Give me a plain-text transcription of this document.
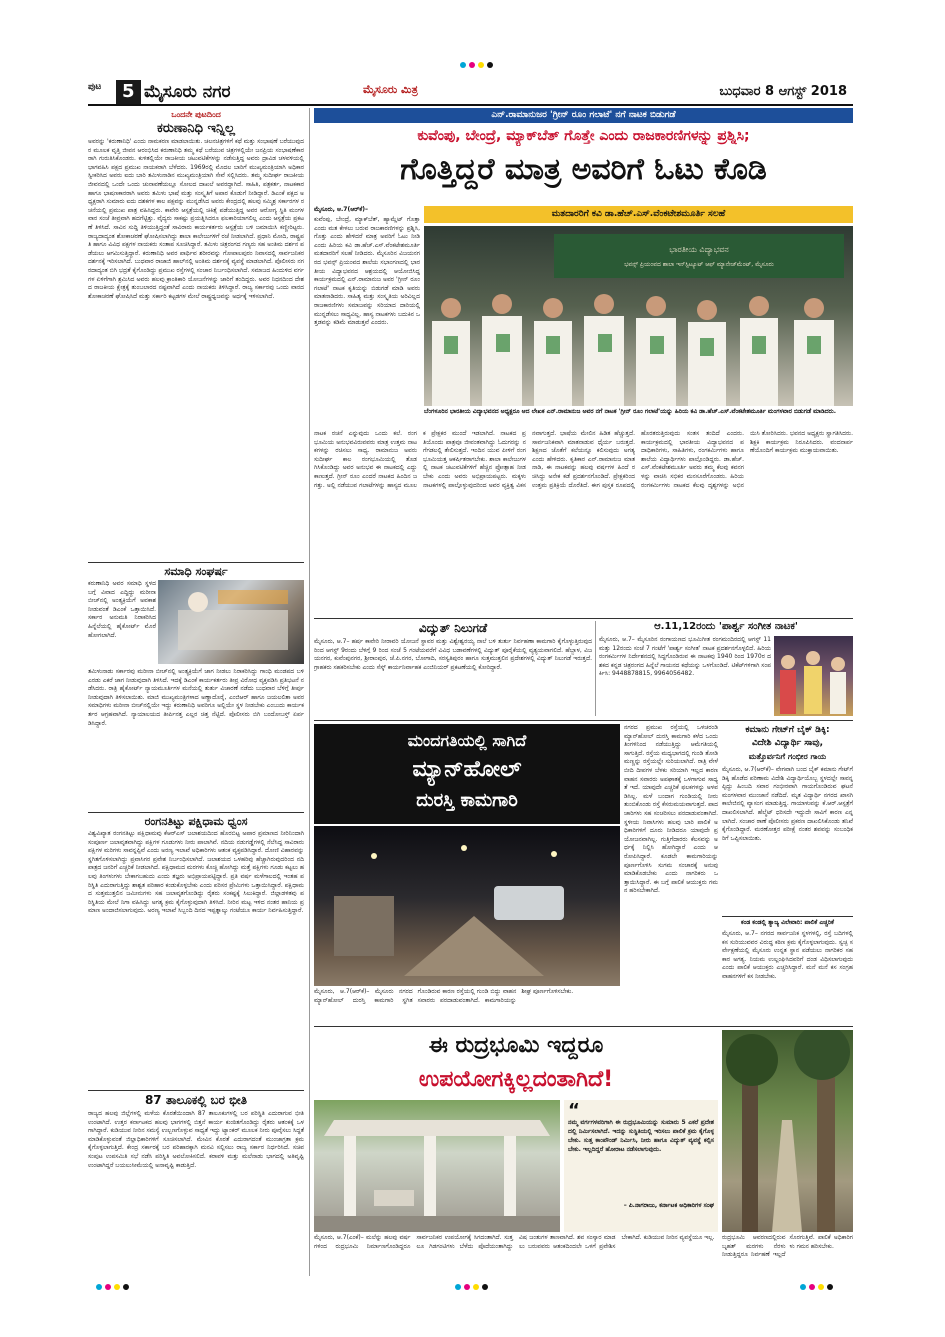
ಪುಟ	5 ಮೈಸೂರು ನಗರ	ಮೈಸೂರು ಮಿತ್ರ	ಬುಧವಾರ 8 ಆಗಸ್ಟ್ 2018
ಒಂದನೇ ಪುಟದಿಂದ
ಕರುಣಾನಿಧಿ ಇನ್ನಿಲ್ಲ
ಅವರನ್ನು 'ಕರುಣಾನಿಧಿ' ಎಂದು ನಾಮಕರಣ ಮಾಡಲಾಯಿತು. ಚಲನಚಿತ್ರಗಳಿಗೆ ಕಥೆ ಮತ್ತು ಸಂಭಾಷಣೆ ಬರೆಯುವುದರ ಮೂಲಕ ವೃತ್ತಿ ಜೀವನ ಆರಂಭಿಸಿದ ಕರುಣಾನಿಧಿ ತಮ್ಮ ಕಥೆ ಬರೆಯುವ ಚಿತ್ರಗಳಲ್ಲಿಯೇ ಜನಪ್ರಿಯ ಸಂಭಾಷಣೆಕಾರರಾಗಿ ಗುರುತಿಸಿಕೊಂಡರು. ಕುಳಿತಲ್ಲಿಯೇ ರಾಜಕೀಯ ಚಟುವಟಿಕೆಗಳನ್ನು ನಡೆಸುತ್ತಿದ್ದ ಅವರು ದ್ರಾವಿಡ ಚಳವಳಿಯಲ್ಲಿ ಭಾಗವಹಿಸಿ ಪಕ್ಷದ ಪ್ರಮುಖ ನಾಯಕರಾಗಿ ಬೆಳೆದರು. 1969ರಲ್ಲಿ ಮೊದಲ ಬಾರಿಗೆ ಮುಖ್ಯಮಂತ್ರಿಯಾಗಿ ಅಧಿಕಾರ ಸ್ವೀಕರಿಸಿದ ಅವರು ಐದು ಬಾರಿ ತಮಿಳುನಾಡಿನ ಮುಖ್ಯಮಂತ್ರಿಯಾಗಿ ಸೇವೆ ಸಲ್ಲಿಸಿದರು. ತಮ್ಮ ಸುದೀರ್ಘ ರಾಜಕೀಯ ಜೀವನದಲ್ಲಿ ಒಂದೇ ಒಂದು ಚುನಾವಣೆಯಲ್ಲೂ ಸೋಲದ ದಾಖಲೆ ಅವರದ್ದಾಗಿದೆ. ಸಾಹಿತಿ, ಪತ್ರಕರ್ತ, ನಾಟಕಕಾರ ಹಾಗೂ ಭಾಷಣಕಾರರಾಗಿ ಅವರು ತಮಿಳು ಭಾಷೆ ಮತ್ತು ಸಂಸ್ಕೃತಿಗೆ ಅಪಾರ ಕೊಡುಗೆ ನೀಡಿದ್ದಾರೆ. ಡಿಎಂಕೆ ಪಕ್ಷದ ಅಧ್ಯಕ್ಷರಾಗಿ ಸುಮಾರು ಐದು ದಶಕಗಳ ಕಾಲ ಪಕ್ಷವನ್ನು ಮುನ್ನಡೆಸಿದ ಅವರು ಕೇಂದ್ರದಲ್ಲಿ ಹಲವು ಸಮ್ಮಿಶ್ರ ಸರ್ಕಾರಗಳ ರಚನೆಯಲ್ಲಿ ಪ್ರಮುಖ ಪಾತ್ರ ವಹಿಸಿದ್ದರು. ಕಾವೇರಿ ಆಸ್ಪತ್ರೆಯಲ್ಲಿ ಚಿಕಿತ್ಸೆ ಪಡೆಯುತ್ತಿದ್ದ ಅವರ ಆರೋಗ್ಯ ಸ್ಥಿತಿ ಮಂಗಳವಾರ ಸಂಜೆ ತೀವ್ರವಾಗಿ ಹದಗೆಟ್ಟಿತ್ತು. ವೈದ್ಯರು ಸಾಕಷ್ಟು ಪ್ರಯತ್ನಿಸಿದರೂ ಫಲಕಾರಿಯಾಗಲಿಲ್ಲ ಎಂದು ಆಸ್ಪತ್ರೆಯ ಪ್ರಕಟಣೆ ತಿಳಿಸಿದೆ. ಸಾವಿನ ಸುದ್ದಿ ತಿಳಿಯುತ್ತಿದ್ದಂತೆ ಸಾವಿರಾರು ಕಾರ್ಯಕರ್ತರು ಆಸ್ಪತ್ರೆಯ ಬಳಿ ಜಮಾಯಿಸಿ ಕಣ್ಣೀರಿಟ್ಟರು. ರಾಜ್ಯದಾದ್ಯಂತ ಶೋಕಾಚರಣೆ ಘೋಷಿಸಲಾಗಿದ್ದು ಶಾಲಾ ಕಾಲೇಜುಗಳಿಗೆ ರಜೆ ನೀಡಲಾಗಿದೆ. ಪ್ರಧಾನಿ ಮೋದಿ, ರಾಷ್ಟ್ರಪತಿ ಹಾಗೂ ವಿವಿಧ ಪಕ್ಷಗಳ ನಾಯಕರು ಸಂತಾಪ ಸೂಚಿಸಿದ್ದಾರೆ. ತಮಿಳು ಚಿತ್ರರಂಗದ ಗಣ್ಯರು ಸಹ ಅಂತಿಮ ದರ್ಶನ ಪಡೆಯಲು ಆಗಮಿಸುತ್ತಿದ್ದಾರೆ. ಕರುಣಾನಿಧಿ ಅವರ ಪಾರ್ಥಿವ ಶರೀರವನ್ನು ಗೋಪಾಲಪುರಂ ನಿವಾಸದಲ್ಲಿ ಸಾರ್ವಜನಿಕರ ದರ್ಶನಕ್ಕೆ ಇರಿಸಲಾಗಿದೆ. ಬುಧವಾರ ರಾಜಾಜಿ ಹಾಲ್‌ನಲ್ಲಿ ಅಂತಿಮ ದರ್ಶನಕ್ಕೆ ವ್ಯವಸ್ಥೆ ಮಾಡಲಾಗಿದೆ. ಪೊಲೀಸರು ನಗರದಾದ್ಯಂತ ಬಿಗಿ ಭದ್ರತೆ ಕೈಗೊಂಡಿದ್ದು ಪ್ರಮುಖ ರಸ್ತೆಗಳಲ್ಲಿ ಸಂಚಾರ ನಿರ್ಬಂಧಿಸಲಾಗಿದೆ. ಸಮಾಜದ ಹಿಂದುಳಿದ ವರ್ಗಗಳ ಏಳಿಗೆಗಾಗಿ ಶ್ರಮಿಸಿದ ಅವರು ಹಲವು ಕ್ರಾಂತಿಕಾರಿ ಯೋಜನೆಗಳನ್ನು ಜಾರಿಗೆ ತಂದಿದ್ದರು. ಅವರ ನಿಧನದಿಂದ ದೇಶದ ರಾಜಕೀಯ ಕ್ಷೇತ್ರಕ್ಕೆ ತುಂಬಲಾರದ ನಷ್ಟವಾಗಿದೆ ಎಂದು ನಾಯಕರು ತಿಳಿಸಿದ್ದಾರೆ. ರಾಜ್ಯ ಸರ್ಕಾರವು ಒಂದು ವಾರದ ಶೋಕಾಚರಣೆ ಘೋಷಿಸಿದೆ ಮತ್ತು ಸರ್ಕಾರಿ ಕಟ್ಟಡಗಳ ಮೇಲೆ ರಾಷ್ಟ್ರಧ್ವಜವನ್ನು ಅರ್ಧಕ್ಕೆ ಇಳಿಸಲಾಗಿದೆ.
ಸಮಾಧಿ ಸಂಘರ್ಷ
ಕರುಣಾನಿಧಿ ಅವರ ಸಮಾಧಿ ಸ್ಥಳದ ಬಗ್ಗೆ ವಿವಾದ ಎದ್ದಿದ್ದು ಮರೀನಾ ಬೀಚ್‌ನಲ್ಲಿ ಅಂತ್ಯಕ್ರಿಯೆಗೆ ಅವಕಾಶ ನೀಡುವಂತೆ ಡಿಎಂಕೆ ಒತ್ತಾಯಿಸಿದೆ. ಸರ್ಕಾರ ಅನುಮತಿ ನಿರಾಕರಿಸಿದ ಹಿನ್ನೆಲೆಯಲ್ಲಿ ಹೈಕೋರ್ಟ್ ಮೊರೆ ಹೋಗಲಾಗಿದೆ.
ತಮಿಳುನಾಡು ಸರ್ಕಾರವು ಮರೀನಾ ಬೀಚ್‌ನಲ್ಲಿ ಅಂತ್ಯಕ್ರಿಯೆಗೆ ಜಾಗ ನೀಡಲು ನಿರಾಕರಿಸಿದ್ದು ಗಾಂಧಿ ಮಂಡಪದ ಬಳಿ ಎರಡು ಎಕರೆ ಜಾಗ ನೀಡುವುದಾಗಿ ತಿಳಿಸಿದೆ. ಇದಕ್ಕೆ ಡಿಎಂಕೆ ಕಾರ್ಯಕರ್ತರು ತೀವ್ರ ವಿರೋಧ ವ್ಯಕ್ತಪಡಿಸಿ ಪ್ರತಿಭಟನೆ ನಡೆಸಿದರು. ರಾತ್ರಿ ಹೈಕೋರ್ಟ್ ನ್ಯಾಯಮೂರ್ತಿಗಳ ಮನೆಯಲ್ಲಿ ತುರ್ತು ವಿಚಾರಣೆ ನಡೆದು ಬುಧವಾರ ಬೆಳಿಗ್ಗೆ ತೀರ್ಪು ನೀಡುವುದಾಗಿ ತಿಳಿಸಲಾಯಿತು. ಮಾಜಿ ಮುಖ್ಯಮಂತ್ರಿಗಳಾದ ಅಣ್ಣಾದೊರೈ, ಎಂಜಿಆರ್ ಹಾಗೂ ಜಯಲಲಿತಾ ಅವರ ಸಮಾಧಿಗಳು ಮರೀನಾ ಬೀಚ್‌ನಲ್ಲಿಯೇ ಇದ್ದು ಕರುಣಾನಿಧಿ ಅವರಿಗೂ ಅಲ್ಲಿಯೇ ಸ್ಥಳ ನೀಡಬೇಕು ಎಂಬುದು ಕಾರ್ಯಕರ್ತರ ಆಗ್ರಹವಾಗಿದೆ. ನ್ಯಾಯಾಲಯದ ತೀರ್ಪಿನತ್ತ ಎಲ್ಲರ ಚಿತ್ತ ನೆಟ್ಟಿದೆ. ಪೊಲೀಸರು ಬಿಗಿ ಬಂದೋಬಸ್ತ್ ಏರ್ಪಡಿಸಿದ್ದಾರೆ.
ರಂಗನತಿಟ್ಟು ಪಕ್ಷಿಧಾಮ ಧ್ವಂಸ
ವಿಶ್ವವಿಖ್ಯಾತ ರಂಗನತಿಟ್ಟು ಪಕ್ಷಿಧಾಮವು ಕೆಆರ್‌ಎಸ್ ಜಲಾಶಯದಿಂದ ಹೊರಬಿಟ್ಟ ಅಪಾರ ಪ್ರಮಾಣದ ನೀರಿನಿಂದಾಗಿ ಸಂಪೂರ್ಣ ಜಲಾವೃತವಾಗಿದ್ದು ಪಕ್ಷಿಗಳ ಗೂಡುಗಳು ನೀರು ಪಾಲಾಗಿವೆ. ನದಿಯ ನಡುಗಡ್ಡೆಗಳಲ್ಲಿ ನೆಲೆಸಿದ್ದ ಸಾವಿರಾರು ಪಕ್ಷಿಗಳ ಮರಿಗಳು ಸಾವನ್ನಪ್ಪಿವೆ ಎಂದು ಅರಣ್ಯ ಇಲಾಖೆ ಅಧಿಕಾರಿಗಳು ಆತಂಕ ವ್ಯಕ್ತಪಡಿಸಿದ್ದಾರೆ. ದೋಣಿ ವಿಹಾರವನ್ನು ಸ್ಥಗಿತಗೊಳಿಸಲಾಗಿದ್ದು ಪ್ರವಾಸಿಗರ ಪ್ರವೇಶ ನಿರ್ಬಂಧಿಸಲಾಗಿದೆ. ಜಲಾಶಯದ ಒಳಹರಿವು ಹೆಚ್ಚಾಗಿರುವುದರಿಂದ ನದಿ ಪಾತ್ರದ ಜನರಿಗೆ ಎಚ್ಚರಿಕೆ ನೀಡಲಾಗಿದೆ. ಪಕ್ಷಿಧಾಮದ ಮರಗಳು ಕೊಚ್ಚಿ ಹೋಗಿದ್ದು ಮತ್ತೆ ಪಕ್ಷಿಗಳು ಗೂಡು ಕಟ್ಟಲು ಹಲವು ತಿಂಗಳುಗಳು ಬೇಕಾಗಬಹುದು ಎಂದು ತಜ್ಞರು ಅಭಿಪ್ರಾಯಪಟ್ಟಿದ್ದಾರೆ. ಪ್ರತಿ ವರ್ಷ ಮಳೆಗಾಲದಲ್ಲಿ ಇಂತಹ ಪರಿಸ್ಥಿತಿ ಎದುರಾಗುತ್ತಿದ್ದು ಶಾಶ್ವತ ಪರಿಹಾರ ಕಂಡುಕೊಳ್ಳಬೇಕು ಎಂದು ಪರಿಸರ ಪ್ರೇಮಿಗಳು ಒತ್ತಾಯಿಸಿದ್ದಾರೆ. ಪಕ್ಷಿಧಾಮದ ಸುತ್ತಮುತ್ತಲಿನ ಜಮೀನುಗಳು ಸಹ ಜಲಾವೃತಗೊಂಡಿದ್ದು ರೈತರು ಸಂಕಷ್ಟಕ್ಕೆ ಸಿಲುಕಿದ್ದಾರೆ. ಜಿಲ್ಲಾಡಳಿತವು ಪರಿಸ್ಥಿತಿಯ ಮೇಲೆ ನಿಗಾ ವಹಿಸಿದ್ದು ಅಗತ್ಯ ಕ್ರಮ ಕೈಗೊಳ್ಳುವುದಾಗಿ ತಿಳಿಸಿದೆ. ನೀರಿನ ಮಟ್ಟ ಇಳಿದ ನಂತರ ಹಾನಿಯ ಪ್ರಮಾಣ ಅಂದಾಜಿಸಲಾಗುವುದು. ಅರಣ್ಯ ಇಲಾಖೆ ಸಿಬ್ಬಂದಿ ದಿನದ ಇಪ್ಪತ್ನಾಲ್ಕು ಗಂಟೆಯೂ ಕಾರ್ಯ ನಿರ್ವಹಿಸುತ್ತಿದ್ದಾರೆ.
87 ತಾಲೂಕಲ್ಲಿ ಬರ ಭೀತಿ
ರಾಜ್ಯದ ಹಲವು ಜಿಲ್ಲೆಗಳಲ್ಲಿ ಮಳೆಯ ಕೊರತೆಯಿಂದಾಗಿ 87 ತಾಲೂಕುಗಳಲ್ಲಿ ಬರ ಪರಿಸ್ಥಿತಿ ಎದುರಾಗುವ ಭೀತಿ ಉಂಟಾಗಿದೆ. ಉತ್ತರ ಕರ್ನಾಟಕದ ಹಲವು ಭಾಗಗಳಲ್ಲಿ ಬಿತ್ತನೆ ಕಾರ್ಯ ಕುಂಠಿತಗೊಂಡಿದ್ದು ರೈತರು ಆತಂಕಕ್ಕೆ ಒಳಗಾಗಿದ್ದಾರೆ. ಕುಡಿಯುವ ನೀರಿನ ಸಮಸ್ಯೆ ಉಲ್ಬಣಗೊಳ್ಳುವ ಸಾಧ್ಯತೆ ಇದ್ದು ಟ್ಯಾಂಕರ್ ಮೂಲಕ ನೀರು ಪೂರೈಸಲು ಸಿದ್ಧತೆ ಮಾಡಿಕೊಳ್ಳುವಂತೆ ಜಿಲ್ಲಾಧಿಕಾರಿಗಳಿಗೆ ಸೂಚಿಸಲಾಗಿದೆ. ಮೇವಿನ ಕೊರತೆ ಎದುರಾಗದಂತೆ ಮುಂಜಾಗ್ರತಾ ಕ್ರಮ ಕೈಗೊಳ್ಳಲಾಗುತ್ತಿದೆ. ಕೇಂದ್ರ ಸರ್ಕಾರಕ್ಕೆ ಬರ ಪರಿಹಾರಕ್ಕಾಗಿ ಮನವಿ ಸಲ್ಲಿಸಲು ರಾಜ್ಯ ಸರ್ಕಾರ ನಿರ್ಧರಿಸಿದೆ. ಸಚಿವ ಸಂಪುಟ ಉಪಸಮಿತಿ ಸಭೆ ನಡೆಸಿ ಪರಿಸ್ಥಿತಿ ಅವಲೋಕಿಸಲಿದೆ. ಕರಾವಳಿ ಮತ್ತು ಮಲೆನಾಡು ಭಾಗದಲ್ಲಿ ಅತಿವೃಷ್ಟಿ ಉಂಟಾಗಿದ್ದರೆ ಬಯಲುಸೀಮೆಯಲ್ಲಿ ಅನಾವೃಷ್ಟಿ ಕಾಡುತ್ತಿದೆ.
ಎನ್.ರಾಮಾನುಜರ 'ಗ್ರೀನ್ ರೂಂ ಗಲಾಟೆ' ನಗೆ ನಾಟಕ ಬಿಡುಗಡೆ
ಕುವೆಂಪು, ಬೇಂದ್ರೆ, ಮ್ಯಾಕ್‌ಬೆತ್ ಗೊತ್ತೇ ಎಂದು ರಾಜಕಾರಣಿಗಳನ್ನು ಪ್ರಶ್ನಿಸಿ;
ಗೊತ್ತಿದ್ದರೆ ಮಾತ್ರ ಅವರಿಗೆ ಓಟು ಕೊಡಿ
ಮತದಾರರಿಗೆ ಕವಿ ಡಾ.ಹೆಚ್.ಎಸ್.ವೆಂಕಟೇಶಮೂರ್ತಿ ಸಲಹೆ
ಮೈಸೂರು, ಆ.7(ಆರ್‌ಕೆ)–
ಕುವೆಂಪು, ಬೇಂದ್ರೆ, ಮ್ಯಾಕ್‌ಬೆತ್, ಹ್ಯಾಮ್ಲೆಟ್ ಗೊತ್ತಾ ಎಂದು ಮತ ಕೇಳಲು ಬರುವ ರಾಜಕಾರಣಿಗಳನ್ನು ಪ್ರಶ್ನಿಸಿ, ಗೊತ್ತು ಎಂದು ಹೇಳಿದರೆ ಮಾತ್ರ ಅವರಿಗೆ ಓಟು ನೀಡಿ ಎಂದು ಹಿರಿಯ ಕವಿ ಡಾ.ಹೆಚ್.ಎಸ್.ವೆಂಕಟೇಶಮೂರ್ತಿ ಮತದಾರರಿಗೆ ಸಲಹೆ ನೀಡಿದರು. ಮೈಸೂರಿನ ವಿಜಯನಗರದ ಭವನ್ಸ್ ಪ್ರಿಯಂವದ ಶಾಲೆಯ ಸಭಾಂಗಣದಲ್ಲಿ ಭಾರತೀಯ ವಿದ್ಯಾಭವನದ ಆಶ್ರಯದಲ್ಲಿ ಆಯೋಜಿಸಿದ್ದ ಕಾರ್ಯಕ್ರಮದಲ್ಲಿ ಎನ್.ರಾಮಾನುಜ ಅವರ 'ಗ್ರೀನ್ ರೂಂ ಗಲಾಟೆ' ನಾಟಕ ಕೃತಿಯನ್ನು ಬಿಡುಗಡೆ ಮಾಡಿ ಅವರು ಮಾತನಾಡಿದರು. ಸಾಹಿತ್ಯ ಮತ್ತು ಸಂಸ್ಕೃತಿಯ ಅರಿವಿಲ್ಲದ ರಾಜಕಾರಣಿಗಳು ಸಮಾಜವನ್ನು ಸರಿಯಾದ ದಾರಿಯಲ್ಲಿ ಮುನ್ನಡೆಸಲು ಸಾಧ್ಯವಿಲ್ಲ. ಹಾಸ್ಯ ನಾಟಕಗಳು ಬದುಕಿನ ಒತ್ತಡವನ್ನು ಕಡಿಮೆ ಮಾಡುತ್ತವೆ ಎಂದರು.
ಭಾರತೀಯ ವಿದ್ಯಾಭವನ
ಭವನ್ಸ್ ಪ್ರಿಯಂವದ ಶಾಲಾ ಇನ್‌ಸ್ಟಿಟ್ಯೂಟ್ ಆಫ್ ಮ್ಯಾನೇಜ್‌ಮೆಂಟ್, ಮೈಸೂರು
ಬೆಂಗಳೂರಿನ ಭಾರತೀಯ ವಿದ್ಯಾಭವನದ ಅಧ್ಯಕ್ಷರೂ ಆದ ಲೇಖಕ ಎನ್.ರಾಮಾನುಜ ಅವರ ನಗೆ ನಾಟಕ 'ಗ್ರೀನ್ ರೂಂ ಗಲಾಟೆ'ಯನ್ನು ಹಿರಿಯ ಕವಿ ಡಾ.ಹೆಚ್.ಎಸ್.ವೆಂಕಟೇಶಮೂರ್ತಿ ಮಂಗಳವಾರ ಬಿಡುಗಡೆ ಮಾಡಿದರು.
ನಾಟಕ ರಚನೆ ಎನ್ನುವುದು ಒಂದು ಕಲೆ. ರಂಗಭೂಮಿಯ ಅನುಭವವಿರುವವರು ಮಾತ್ರ ಉತ್ತಮ ನಾಟಕಗಳನ್ನು ರಚಿಸಲು ಸಾಧ್ಯ. ರಾಮಾನುಜ ಅವರು ಸುದೀರ್ಘ ಕಾಲ ರಂಗಭೂಮಿಯಲ್ಲಿ ತೊಡಗಿಸಿಕೊಂಡಿದ್ದು ಅವರ ಅನುಭವ ಈ ನಾಟಕದಲ್ಲಿ ಎದ್ದು ಕಾಣುತ್ತದೆ. ಗ್ರೀನ್ ರೂಂ ಎಂದರೆ ನಾಟಕದ ಹಿಂದಿನ ಜಗತ್ತು. ಅಲ್ಲಿ ನಡೆಯುವ ಗಲಾಟೆಗಳನ್ನು ಹಾಸ್ಯದ ಮೂಲಕ ಪ್ರೇಕ್ಷಕರ ಮುಂದೆ ಇಡಲಾಗಿದೆ. ನಾಟಕದ ಪ್ರತಿಯೊಂದು ಪಾತ್ರವೂ ಜೀವಂತವಾಗಿದ್ದು ಓದುಗರನ್ನು ನಗೆಗಡಲಲ್ಲಿ ತೇಲಿಸುತ್ತದೆ. ಇಂದಿನ ಯುವ ಪೀಳಿಗೆ ರಂಗಭೂಮಿಯತ್ತ ಆಕರ್ಷಿತರಾಗಬೇಕು. ಶಾಲಾ ಕಾಲೇಜುಗಳಲ್ಲಿ ನಾಟಕ ಚಟುವಟಿಕೆಗಳಿಗೆ ಹೆಚ್ಚಿನ ಪ್ರೋತ್ಸಾಹ ನೀಡಬೇಕು ಎಂದು ಅವರು ಅಭಿಪ್ರಾಯಪಟ್ಟರು. ಮಕ್ಕಳು ನಾಟಕಗಳಲ್ಲಿ ಪಾಲ್ಗೊಳ್ಳುವುದರಿಂದ ಅವರ ವ್ಯಕ್ತಿತ್ವ ವಿಕಸನವಾಗುತ್ತದೆ. ಭಾಷೆಯ ಮೇಲಿನ ಹಿಡಿತ ಹೆಚ್ಚುತ್ತದೆ. ಸಾರ್ವಜನಿಕವಾಗಿ ಮಾತನಾಡುವ ಧೈರ್ಯ ಬರುತ್ತದೆ. ಶಿಕ್ಷಣದ ಜೊತೆಗೆ ಕಲೆಯನ್ನೂ ಕಲಿಸುವುದು ಅಗತ್ಯ ಎಂದು ಹೇಳಿದರು. ಕೃತಿಕಾರ ಎನ್.ರಾಮಾನುಜ ಮಾತನಾಡಿ, ಈ ನಾಟಕವನ್ನು ಹಲವು ವರ್ಷಗಳ ಹಿಂದೆ ರಚಿಸಿದ್ದು ಅನೇಕ ಕಡೆ ಪ್ರದರ್ಶನಗೊಂಡಿದೆ. ಪ್ರೇಕ್ಷಕರಿಂದ ಉತ್ತಮ ಪ್ರತಿಕ್ರಿಯೆ ದೊರೆತಿದೆ. ಈಗ ಪುಸ್ತಕ ರೂಪದಲ್ಲಿ ಹೊರತರುತ್ತಿರುವುದು ಸಂತಸ ತಂದಿದೆ ಎಂದರು. ಕಾರ್ಯಕ್ರಮದಲ್ಲಿ ಭಾರತೀಯ ವಿದ್ಯಾಭವನದ ಪದಾಧಿಕಾರಿಗಳು, ಸಾಹಿತಿಗಳು, ರಂಗಕರ್ಮಿಗಳು ಹಾಗೂ ಶಾಲೆಯ ವಿದ್ಯಾರ್ಥಿಗಳು ಪಾಲ್ಗೊಂಡಿದ್ದರು. ಡಾ.ಹೆಚ್.ಎಸ್.ವೆಂಕಟೇಶಮೂರ್ತಿ ಅವರು ತಮ್ಮ ಕೆಲವು ಕವನಗಳನ್ನು ವಾಚಿಸಿ ಸಭಿಕರ ಮನಸೂರೆಗೊಂಡರು. ಹಿರಿಯ ರಂಗಕರ್ಮಿಗಳು ನಾಟಕದ ಕೆಲವು ದೃಶ್ಯಗಳನ್ನು ಅಭಿನಯಿಸಿ ತೋರಿಸಿದರು. ಭವನದ ಅಧ್ಯಕ್ಷರು ಸ್ವಾಗತಿಸಿದರು. ಶಿಕ್ಷಕಿ ಕಾರ್ಯಕ್ರಮ ನಿರೂಪಿಸಿದರು. ವಂದನಾರ್ಪಣೆಯೊಂದಿಗೆ ಕಾರ್ಯಕ್ರಮ ಮುಕ್ತಾಯವಾಯಿತು.
ವಿದ್ಯುತ್ ನಿಲುಗಡೆ
ಮೈಸೂರು, ಆ.7– ಹರ್ಷ ಕಾವೇರಿ ನೀರಾವರಿ ಯೋಜನೆ ಸ್ಥಾವರ ಮತ್ತು ವಿಶ್ವೇಶ್ವರಯ್ಯ ನಾಲೆ ಬಳಿ ತುರ್ತು ನಿರ್ವಹಣಾ ಕಾಮಗಾರಿ ಕೈಗೊಳ್ಳುತ್ತಿರುವುದರಿಂದ ಆಗಸ್ಟ್ 9ರಂದು ಬೆಳಿಗ್ಗೆ 9 ರಿಂದ ಸಂಜೆ 5 ಗಂಟೆಯವರೆಗೆ ವಿವಿಧ ಬಡಾವಣೆಗಳಲ್ಲಿ ವಿದ್ಯುತ್ ಪೂರೈಕೆಯಲ್ಲಿ ವ್ಯತ್ಯಯವಾಗಲಿದೆ. ಹೆಬ್ಬಾಳ, ವಿಜಯನಗರ, ಕುವೆಂಪುನಗರ, ಶ್ರೀರಾಂಪುರ, ಜೆ.ಪಿ.ನಗರ, ಬೋಗಾದಿ, ಸರಸ್ವತಿಪುರಂ ಹಾಗೂ ಸುತ್ತಮುತ್ತಲಿನ ಪ್ರದೇಶಗಳಲ್ಲಿ ವಿದ್ಯುತ್ ನಿಲುಗಡೆ ಇರುತ್ತದೆ. ಗ್ರಾಹಕರು ಸಹಕರಿಸಬೇಕು ಎಂದು ಸೆಸ್ಕ್ ಕಾರ್ಯನಿರ್ವಾಹಕ ಎಂಜಿನಿಯರ್ ಪ್ರಕಟಣೆಯಲ್ಲಿ ಕೋರಿದ್ದಾರೆ.
ಆ.11,12ರಂದು 'ಪಾರ್ಶ್ವ ಸಂಗೀತ ನಾಟಕ'
ಮೈಸೂರು, ಆ.7– ಮೈಸೂರಿನ ರಂಗಾಯಣದ ಭೂಮಿಗೀತ ರಂಗಮಂದಿರದಲ್ಲಿ ಆಗಸ್ಟ್ 11 ಮತ್ತು 12ರಂದು ಸಂಜೆ 7 ಗಂಟೆಗೆ 'ಪಾರ್ಶ್ವ ಸಂಗೀತ' ನಾಟಕ ಪ್ರದರ್ಶನಗೊಳ್ಳಲಿದೆ. ಹಿರಿಯ ರಂಗಕರ್ಮಿಗಳ ನಿರ್ದೇಶನದಲ್ಲಿ ಸಿದ್ಧಗೊಂಡಿರುವ ಈ ನಾಟಕವು 1940 ರಿಂದ 1970ರ ದಶಕದ ಕನ್ನಡ ಚಿತ್ರರಂಗದ ಹಿನ್ನೆಲೆ ಗಾಯನದ ಕಥೆಯನ್ನು ಒಳಗೊಂಡಿದೆ. ಟಿಕೆಟ್‌ಗಳಿಗಾಗಿ ಸಂಪರ್ಕಿಸಿ: 9448878815, 9964056482.
ಮಂದಗತಿಯಲ್ಲಿ ಸಾಗಿದೆ
ಮ್ಯಾನ್‌ಹೋಲ್
ದುರಸ್ತಿ ಕಾಮಗಾರಿ
ಮೈಸೂರು, ಆ.7(ಆರ್‌ಕೆ)– ಮೈಸೂರು ನಗರದ ಮ್ಯಾನ್‌ಹೋಲ್ ದುರಸ್ತಿ ಕಾಮಗಾರಿ ಸ್ಥಗಿತಗೊಂಡಿರುವ ಕಾರಣ ರಸ್ತೆಯಲ್ಲಿ ಗುಂಡಿ ಬಿದ್ದು ವಾಹನ ಸವಾರರು ಪರದಾಡುವಂತಾಗಿದೆ. ಕಾಮಗಾರಿಯನ್ನು ಶೀಘ್ರ ಪೂರ್ಣಗೊಳಿಸಬೇಕು.
ನಗರದ ಪ್ರಮುಖ ರಸ್ತೆಯಲ್ಲಿ ಒಳಚರಂಡಿ ಮ್ಯಾನ್‌ಹೋಲ್ ದುರಸ್ತಿ ಕಾಮಗಾರಿ ಕಳೆದ ಒಂದು ತಿಂಗಳಿನಿಂದ ನಡೆಯುತ್ತಿದ್ದು ಆಮೆಗತಿಯಲ್ಲಿ ಸಾಗುತ್ತಿದೆ. ರಸ್ತೆಯ ಮಧ್ಯಭಾಗದಲ್ಲಿ ಗುಂಡಿ ತೋಡಿ ಮಣ್ಣನ್ನು ರಸ್ತೆಯಲ್ಲೇ ಸುರಿಯಲಾಗಿದೆ. ರಾತ್ರಿ ವೇಳೆ ಬೀದಿ ದೀಪಗಳ ಬೆಳಕು ಸರಿಯಾಗಿ ಇಲ್ಲದ ಕಾರಣ ವಾಹನ ಸವಾರರು ಅಪಘಾತಕ್ಕೆ ಒಳಗಾಗುವ ಸಾಧ್ಯತೆ ಇದೆ. ಯಾವುದೇ ಎಚ್ಚರಿಕೆ ಫಲಕಗಳನ್ನು ಅಳವಡಿಸಿಲ್ಲ. ಮಳೆ ಬಂದಾಗ ಗುಂಡಿಯಲ್ಲಿ ನೀರು ತುಂಬಿಕೊಂಡು ರಸ್ತೆ ಕೆಸರುಮಯವಾಗುತ್ತದೆ. ಪಾದಚಾರಿಗಳು ಸಹ ಸಂಚರಿಸಲು ಪರದಾಡುವಂತಾಗಿದೆ. ಸ್ಥಳೀಯ ನಿವಾಸಿಗಳು ಹಲವು ಬಾರಿ ಪಾಲಿಕೆ ಅಧಿಕಾರಿಗಳಿಗೆ ದೂರು ನೀಡಿದರೂ ಯಾವುದೇ ಪ್ರಯೋಜನವಾಗಿಲ್ಲ. ಗುತ್ತಿಗೆದಾರರು ಕೆಲಸವನ್ನು ಅರ್ಧಕ್ಕೆ ನಿಲ್ಲಿಸಿ ಹೋಗಿದ್ದಾರೆ ಎಂದು ಆರೋಪಿಸಿದ್ದಾರೆ. ಕೂಡಲೇ ಕಾಮಗಾರಿಯನ್ನು ಪೂರ್ಣಗೊಳಿಸಿ ಸುಗಮ ಸಂಚಾರಕ್ಕೆ ಅನುವು ಮಾಡಿಕೊಡಬೇಕು ಎಂದು ನಾಗರಿಕರು ಒತ್ತಾಯಿಸಿದ್ದಾರೆ. ಈ ಬಗ್ಗೆ ಪಾಲಿಕೆ ಆಯುಕ್ತರು ಗಮನ ಹರಿಸಬೇಕಾಗಿದೆ.
ಕಮಾನು ಗೇಟ್‌ಗೆ ಬೈಕ್ ಡಿಕ್ಕಿ:
ವಿದೇಶಿ ವಿದ್ಯಾರ್ಥಿ ಸಾವು,
ಮತ್ತೊರ್ವನಿಗೆ ಗಂಭೀರ ಗಾಯ
ಮೈಸೂರು, ಆ.7(ಆರ್‌ಕೆ)– ವೇಗವಾಗಿ ಬಂದ ಬೈಕ್ ಕಮಾನು ಗೇಟ್‌ಗೆ ಡಿಕ್ಕಿ ಹೊಡೆದ ಪರಿಣಾಮ ವಿದೇಶಿ ವಿದ್ಯಾರ್ಥಿಯೊಬ್ಬ ಸ್ಥಳದಲ್ಲೇ ಸಾವನ್ನಪ್ಪಿದ್ದು ಹಿಂಬದಿ ಸವಾರ ಗಂಭೀರವಾಗಿ ಗಾಯಗೊಂಡಿರುವ ಘಟನೆ ಮಂಗಳವಾರ ಮುಂಜಾನೆ ನಡೆದಿದೆ. ಮೃತ ವಿದ್ಯಾರ್ಥಿ ನಗರದ ಖಾಸಗಿ ಕಾಲೇಜಿನಲ್ಲಿ ವ್ಯಾಸಂಗ ಮಾಡುತ್ತಿದ್ದ. ಗಾಯಾಳುವನ್ನು ಕೆ.ಆರ್.ಆಸ್ಪತ್ರೆಗೆ ದಾಖಲಿಸಲಾಗಿದೆ. ಹೆಲ್ಮೆಟ್ ಧರಿಸದೇ ಇದ್ದುದೇ ಸಾವಿಗೆ ಕಾರಣ ಎನ್ನಲಾಗಿದೆ. ಸಂಚಾರ ಠಾಣೆ ಪೊಲೀಸರು ಪ್ರಕರಣ ದಾಖಲಿಸಿಕೊಂಡು ತನಿಖೆ ಕೈಗೊಂಡಿದ್ದಾರೆ. ಮರಣೋತ್ತರ ಪರೀಕ್ಷೆ ನಂತರ ಶವವನ್ನು ಸಂಬಂಧಿಕರಿಗೆ ಒಪ್ಪಿಸಲಾಯಿತು.
ಕಂಡ ಕಂಡಲ್ಲಿ ತ್ಯಾಜ್ಯ ವಿಲೇವಾರಿ: ಪಾಲಿಕೆ ಎಚ್ಚರಿಕೆ
ಮೈಸೂರು, ಆ.7– ನಗರದ ಸಾರ್ವಜನಿಕ ಸ್ಥಳಗಳಲ್ಲಿ, ರಸ್ತೆ ಬದಿಗಳಲ್ಲಿ ಕಸ ಸುರಿಯುವವರ ವಿರುದ್ಧ ಕಠಿಣ ಕ್ರಮ ಕೈಗೊಳ್ಳಲಾಗುವುದು. ಸ್ವಚ್ಛ ಸರ್ವೇಕ್ಷಣೆಯಲ್ಲಿ ಮೈಸೂರು ಉನ್ನತ ಸ್ಥಾನ ಪಡೆಯಲು ನಾಗರಿಕರ ಸಹಕಾರ ಅಗತ್ಯ. ನಿಯಮ ಉಲ್ಲಂಘಿಸಿದವರಿಗೆ ದಂಡ ವಿಧಿಸಲಾಗುವುದು ಎಂದು ಪಾಲಿಕೆ ಆಯುಕ್ತರು ಎಚ್ಚರಿಸಿದ್ದಾರೆ. ಮನೆ ಮನೆ ಕಸ ಸಂಗ್ರಹ ವಾಹನಗಳಿಗೆ ಕಸ ನೀಡಬೇಕು.
ಈ ರುದ್ರಭೂಮಿ ಇದ್ದರೂ
ಉಪಯೋಗಕ್ಕಿಲ್ಲದಂತಾಗಿದೆ!
“
ನಮ್ಮ ವರ್ಗಗಳವರಿಗಾಗಿ ಈ ರುದ್ರಭೂಮಿಯನ್ನು ಸುಮಾರು 5 ಎಕರೆ ಪ್ರದೇಶದಲ್ಲಿ ನಿರ್ಮಿಸಲಾಗಿದೆ. ಇದನ್ನು ಸುಸ್ಥಿತಿಯಲ್ಲಿ ಇರಿಸಲು ಪಾಲಿಕೆ ಕ್ರಮ ಕೈಗೊಳ್ಳಬೇಕು. ಸುತ್ತ ಕಾಂಪೌಂಡ್ ನಿರ್ಮಿಸಿ, ನೀರು ಹಾಗೂ ವಿದ್ಯುತ್ ವ್ಯವಸ್ಥೆ ಕಲ್ಪಿಸಬೇಕು. ಇಲ್ಲದಿದ್ದರೆ ಹೋರಾಟ ನಡೆಸಲಾಗುವುದು.
– ಪಿ.ನಾಗರಾಜು, ಕರ್ನಾಟಕ ಅಧಿಕಾರಿಗಳ ಸಂಘ
ಮೈಸೂರು, ಆ.7(ಎಂಕೆ)– ಮಲೆನ್ನು ಹಲವು ವರ್ಷಗಳಿಂದ ರುದ್ರಭೂಮಿ ನಿರ್ಮಾಣಗೊಂಡಿದ್ದರೂ ಸಾರ್ವಜನಿಕರ ಉಪಯೋಗಕ್ಕೆ ಸಿಗದಂತಾಗಿದೆ. ಸುತ್ತಲೂ ಗಿಡಗಂಟಿಗಳು ಬೆಳೆದು ಪೊದೆಯಂತಾಗಿದ್ದು ವಿಷ ಜಂತುಗಳ ತಾಣವಾಗಿದೆ. ಶವ ಸಂಸ್ಕಾರ ಮಾಡಲು ಬರುವವರು ಆತಂಕದಿಂದಲೇ ಒಳಗೆ ಪ್ರವೇಶಿಸಬೇಕಾಗಿದೆ. ಕುಡಿಯುವ ನೀರಿನ ವ್ಯವಸ್ಥೆಯೂ ಇಲ್ಲ.	ರುದ್ರಭೂಮಿ ಆವರಣದಲ್ಲಿರುವ ಬೃಹತ್ ಮರಗಳು ನೆರಳು ನೀಡುತ್ತಿದ್ದರೂ ನಿರ್ವಹಣೆ ಇಲ್ಲದೆ ಸೊರಗುತ್ತಿವೆ. ಪಾಲಿಕೆ ಅಧಿಕಾರಿಗಳು ಗಮನ ಹರಿಸಬೇಕು.
